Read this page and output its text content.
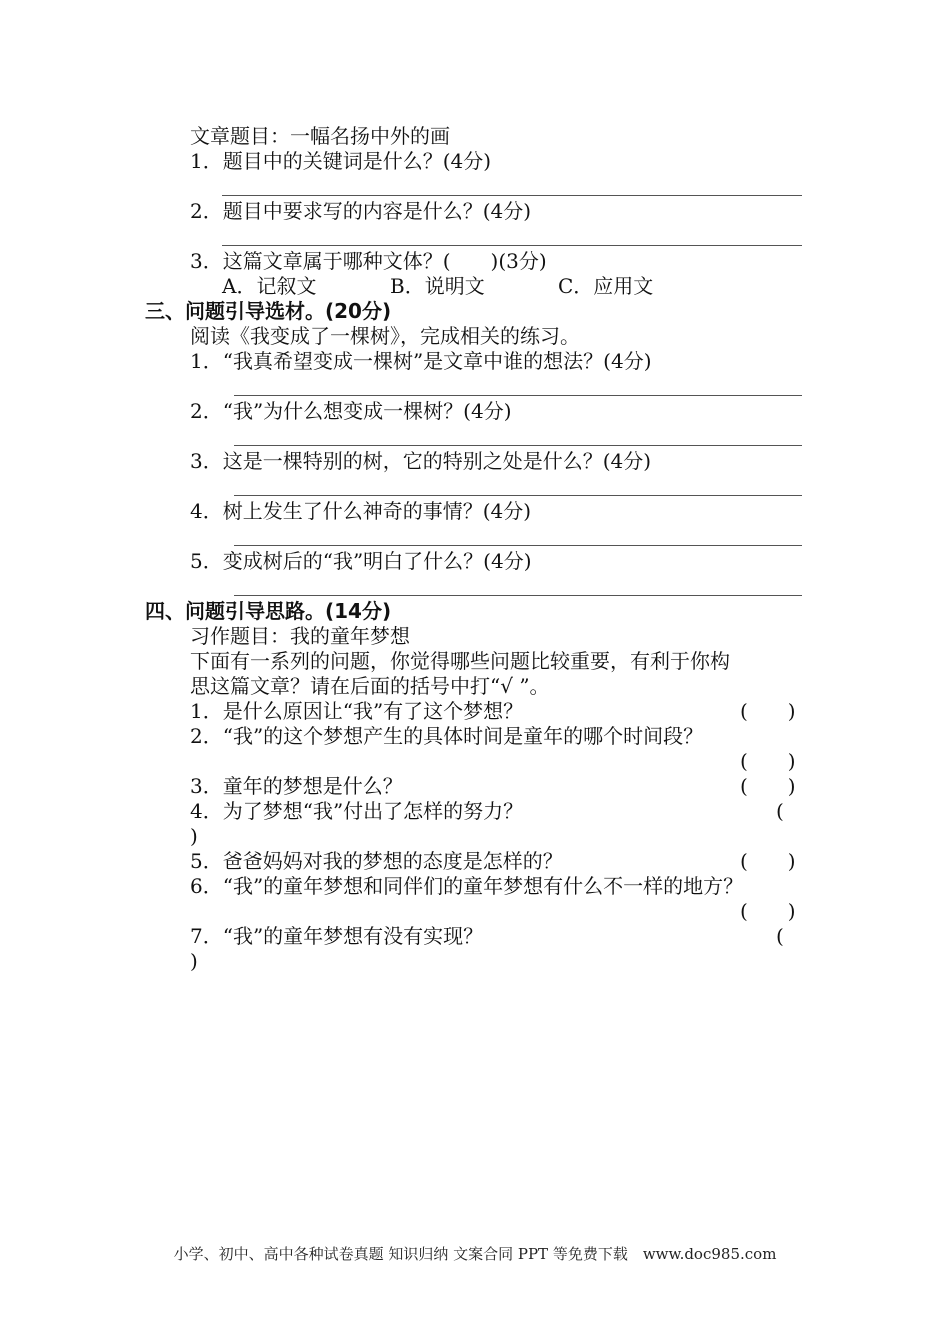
文章题目：一幅名扬中外的画
1．题目中的关键词是什么？(4分)
2．题目中要求写的内容是什么？(4分)
3．这篇文章属于哪种文体？(　　)(3分)
A．记叙文	B．说明文	C．应用文
三、问题引导选材。(20分)
阅读《我变成了一棵树》，完成相关的练习。
1．“我真希望变成一棵树”是文章中谁的想法？(4分)
2．“我”为什么想变成一棵树？(4分)
3．这是一棵特别的树，它的特别之处是什么？(4分)
4．树上发生了什么神奇的事情？(4分)
5．变成树后的“我”明白了什么？(4分)
四、问题引导思路。(14分)
习作题目：我的童年梦想
下面有一系列的问题，你觉得哪些问题比较重要，有利于你构
思这篇文章？请在后面的括号中打“√ ”。
1．是什么原因让“我”有了这个梦想？	(　　)
2．“我”的这个梦想产生的具体时间是童年的哪个时间段？
(　　)
3．童年的梦想是什么？	(　　)
4．为了梦想“我”付出了怎样的努力？	(
)
5．爸爸妈妈对我的梦想的态度是怎样的？	(　　)
6．“我”的童年梦想和同伴们的童年梦想有什么不一样的地方？
(　　)
7．“我”的童年梦想有没有实现？	(
)
小学、初中、高中各种试卷真题 知识归纳 文案合同 PPT 等免费下载　www.doc985.com
